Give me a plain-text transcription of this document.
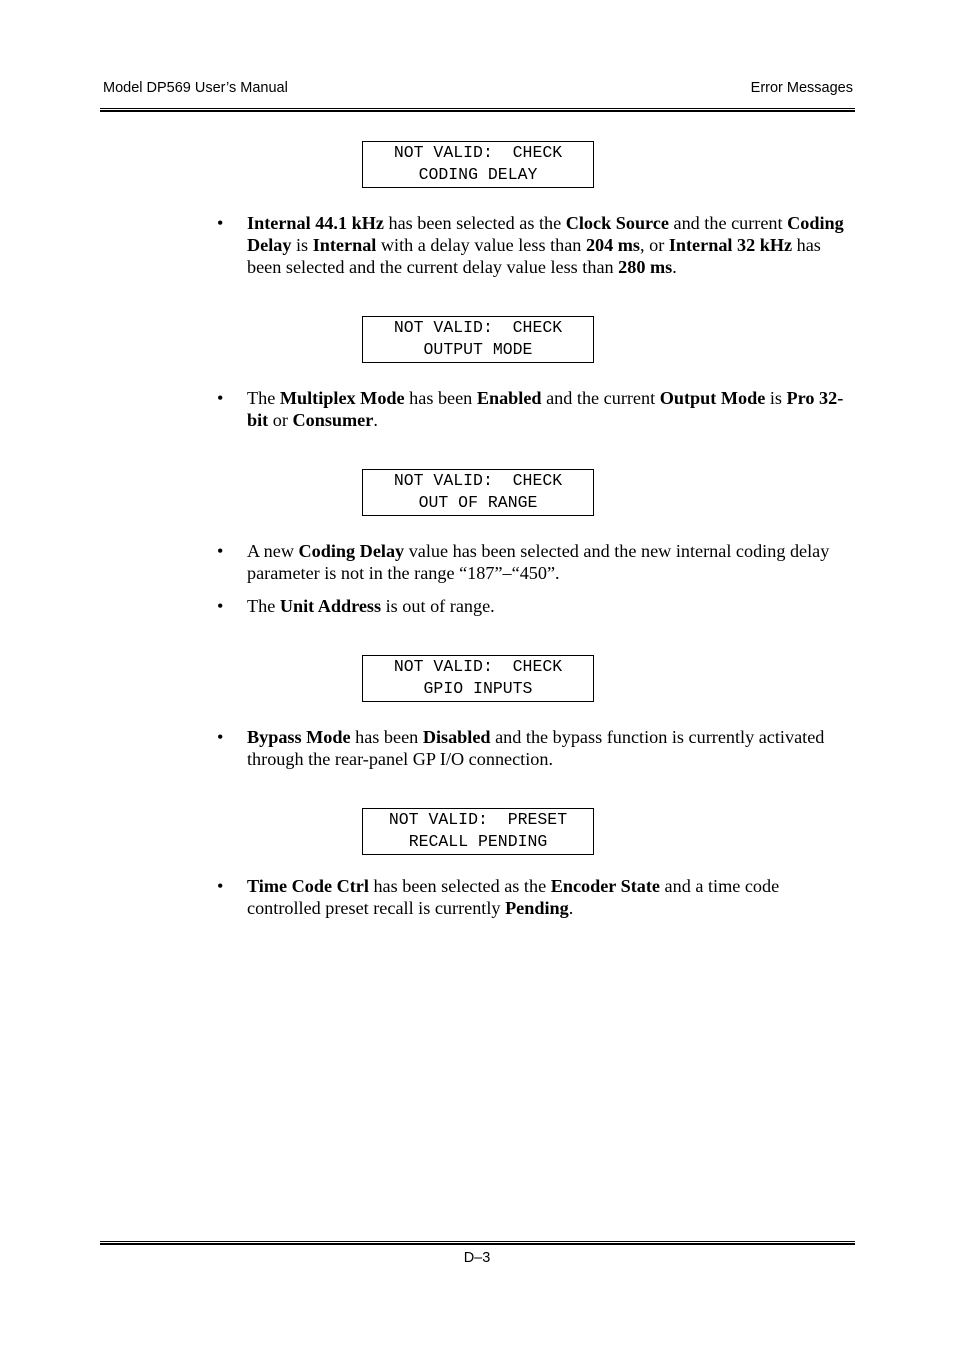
Model DP569 User’s Manual	Error Messages
NOT VALID:  CHECK
CODING DELAY
• Internal 44.1 kHz has been selected as the Clock Source and the current Coding Delay is Internal with a delay value less than 204 ms, or Internal 32 kHz has been selected and the current delay value less than 280 ms.
NOT VALID:  CHECK
OUTPUT MODE
• The Multiplex Mode has been Enabled and the current Output Mode is Pro 32-bit or Consumer.
NOT VALID:  CHECK
OUT OF RANGE
• A new Coding Delay value has been selected and the new internal coding delay parameter is not in the range “187”–“450”.
• The Unit Address is out of range.
NOT VALID:  CHECK
GPIO INPUTS
• Bypass Mode has been Disabled and the bypass function is currently activated through the rear-panel GP I/O connection.
NOT VALID:  PRESET
RECALL PENDING
• Time Code Ctrl has been selected as the Encoder State and a time code controlled preset recall is currently Pending.
D–3
